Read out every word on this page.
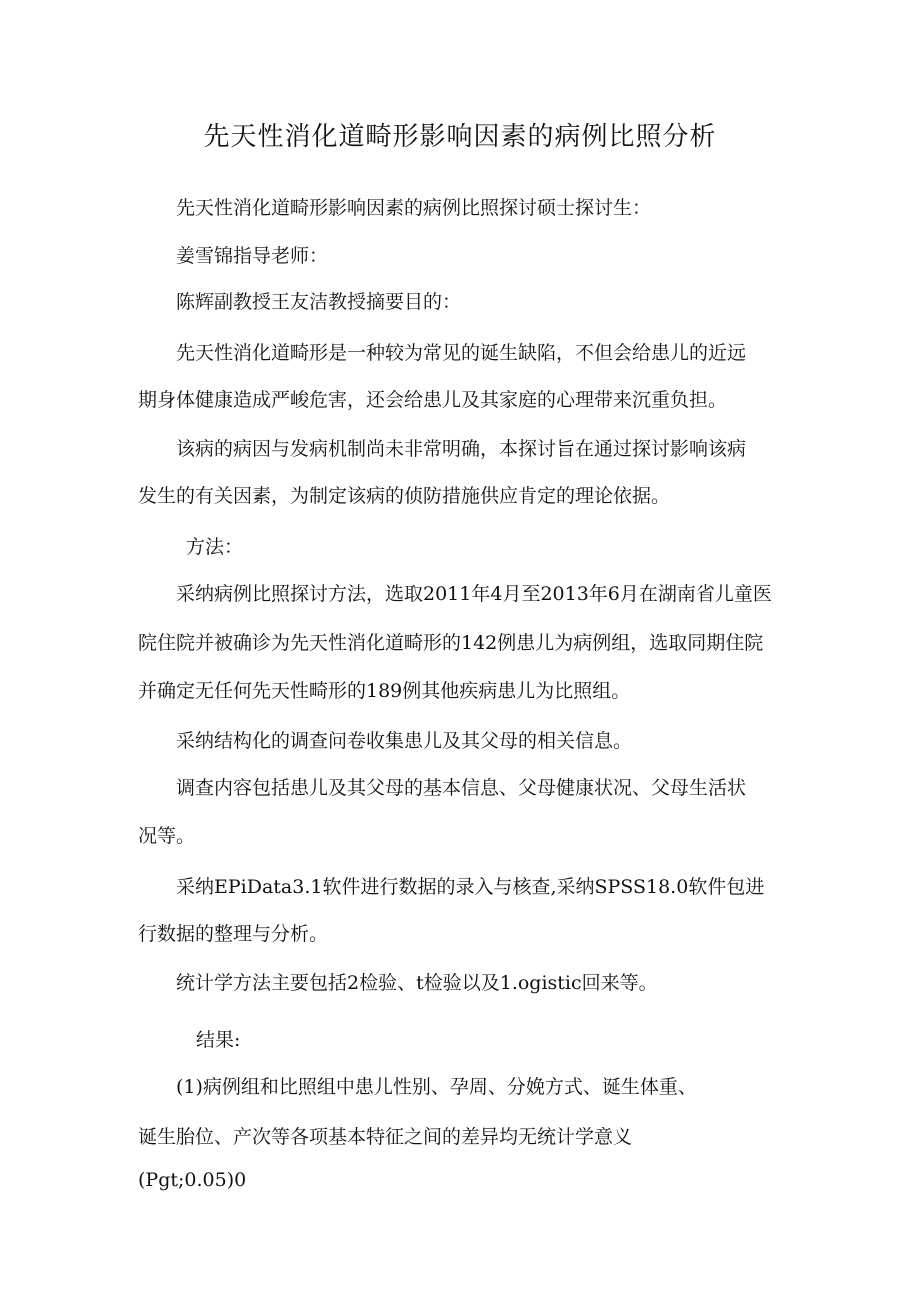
先天性消化道畸形影响因素的病例比照分析
先天性消化道畸形影响因素的病例比照探讨硕士探讨生：
姜雪锦指导老师：
陈辉副教授王友洁教授摘要目的：
先天性消化道畸形是一种较为常见的诞生缺陷，不但会给患儿的近远
期身体健康造成严峻危害，还会给患儿及其家庭的心理带来沉重负担。
该病的病因与发病机制尚未非常明确，本探讨旨在通过探讨影响该病
发生的有关因素，为制定该病的侦防措施供应肯定的理论依据。
方法：
采纳病例比照探讨方法，选取2011年4月至2013年6月在湖南省儿童医
院住院并被确诊为先天性消化道畸形的142例患儿为病例组，选取同期住院
并确定无任何先天性畸形的189例其他疾病患儿为比照组。
采纳结构化的调查问卷收集患儿及其父母的相关信息。
调查内容包括患儿及其父母的基本信息、父母健康状况、父母生活状
况等。
采纳EPiData3.1软件进行数据的录入与核查,采纳SPSS18.0软件包进
行数据的整理与分析。
统计学方法主要包括2检验、t检验以及1.ogistic回来等。
结果:
(1)病例组和比照组中患儿性别、孕周、分娩方式、诞生体重、
诞生胎位、产次等各项基本特征之间的差异均无统计学意义
(Pgt;0.05)0
